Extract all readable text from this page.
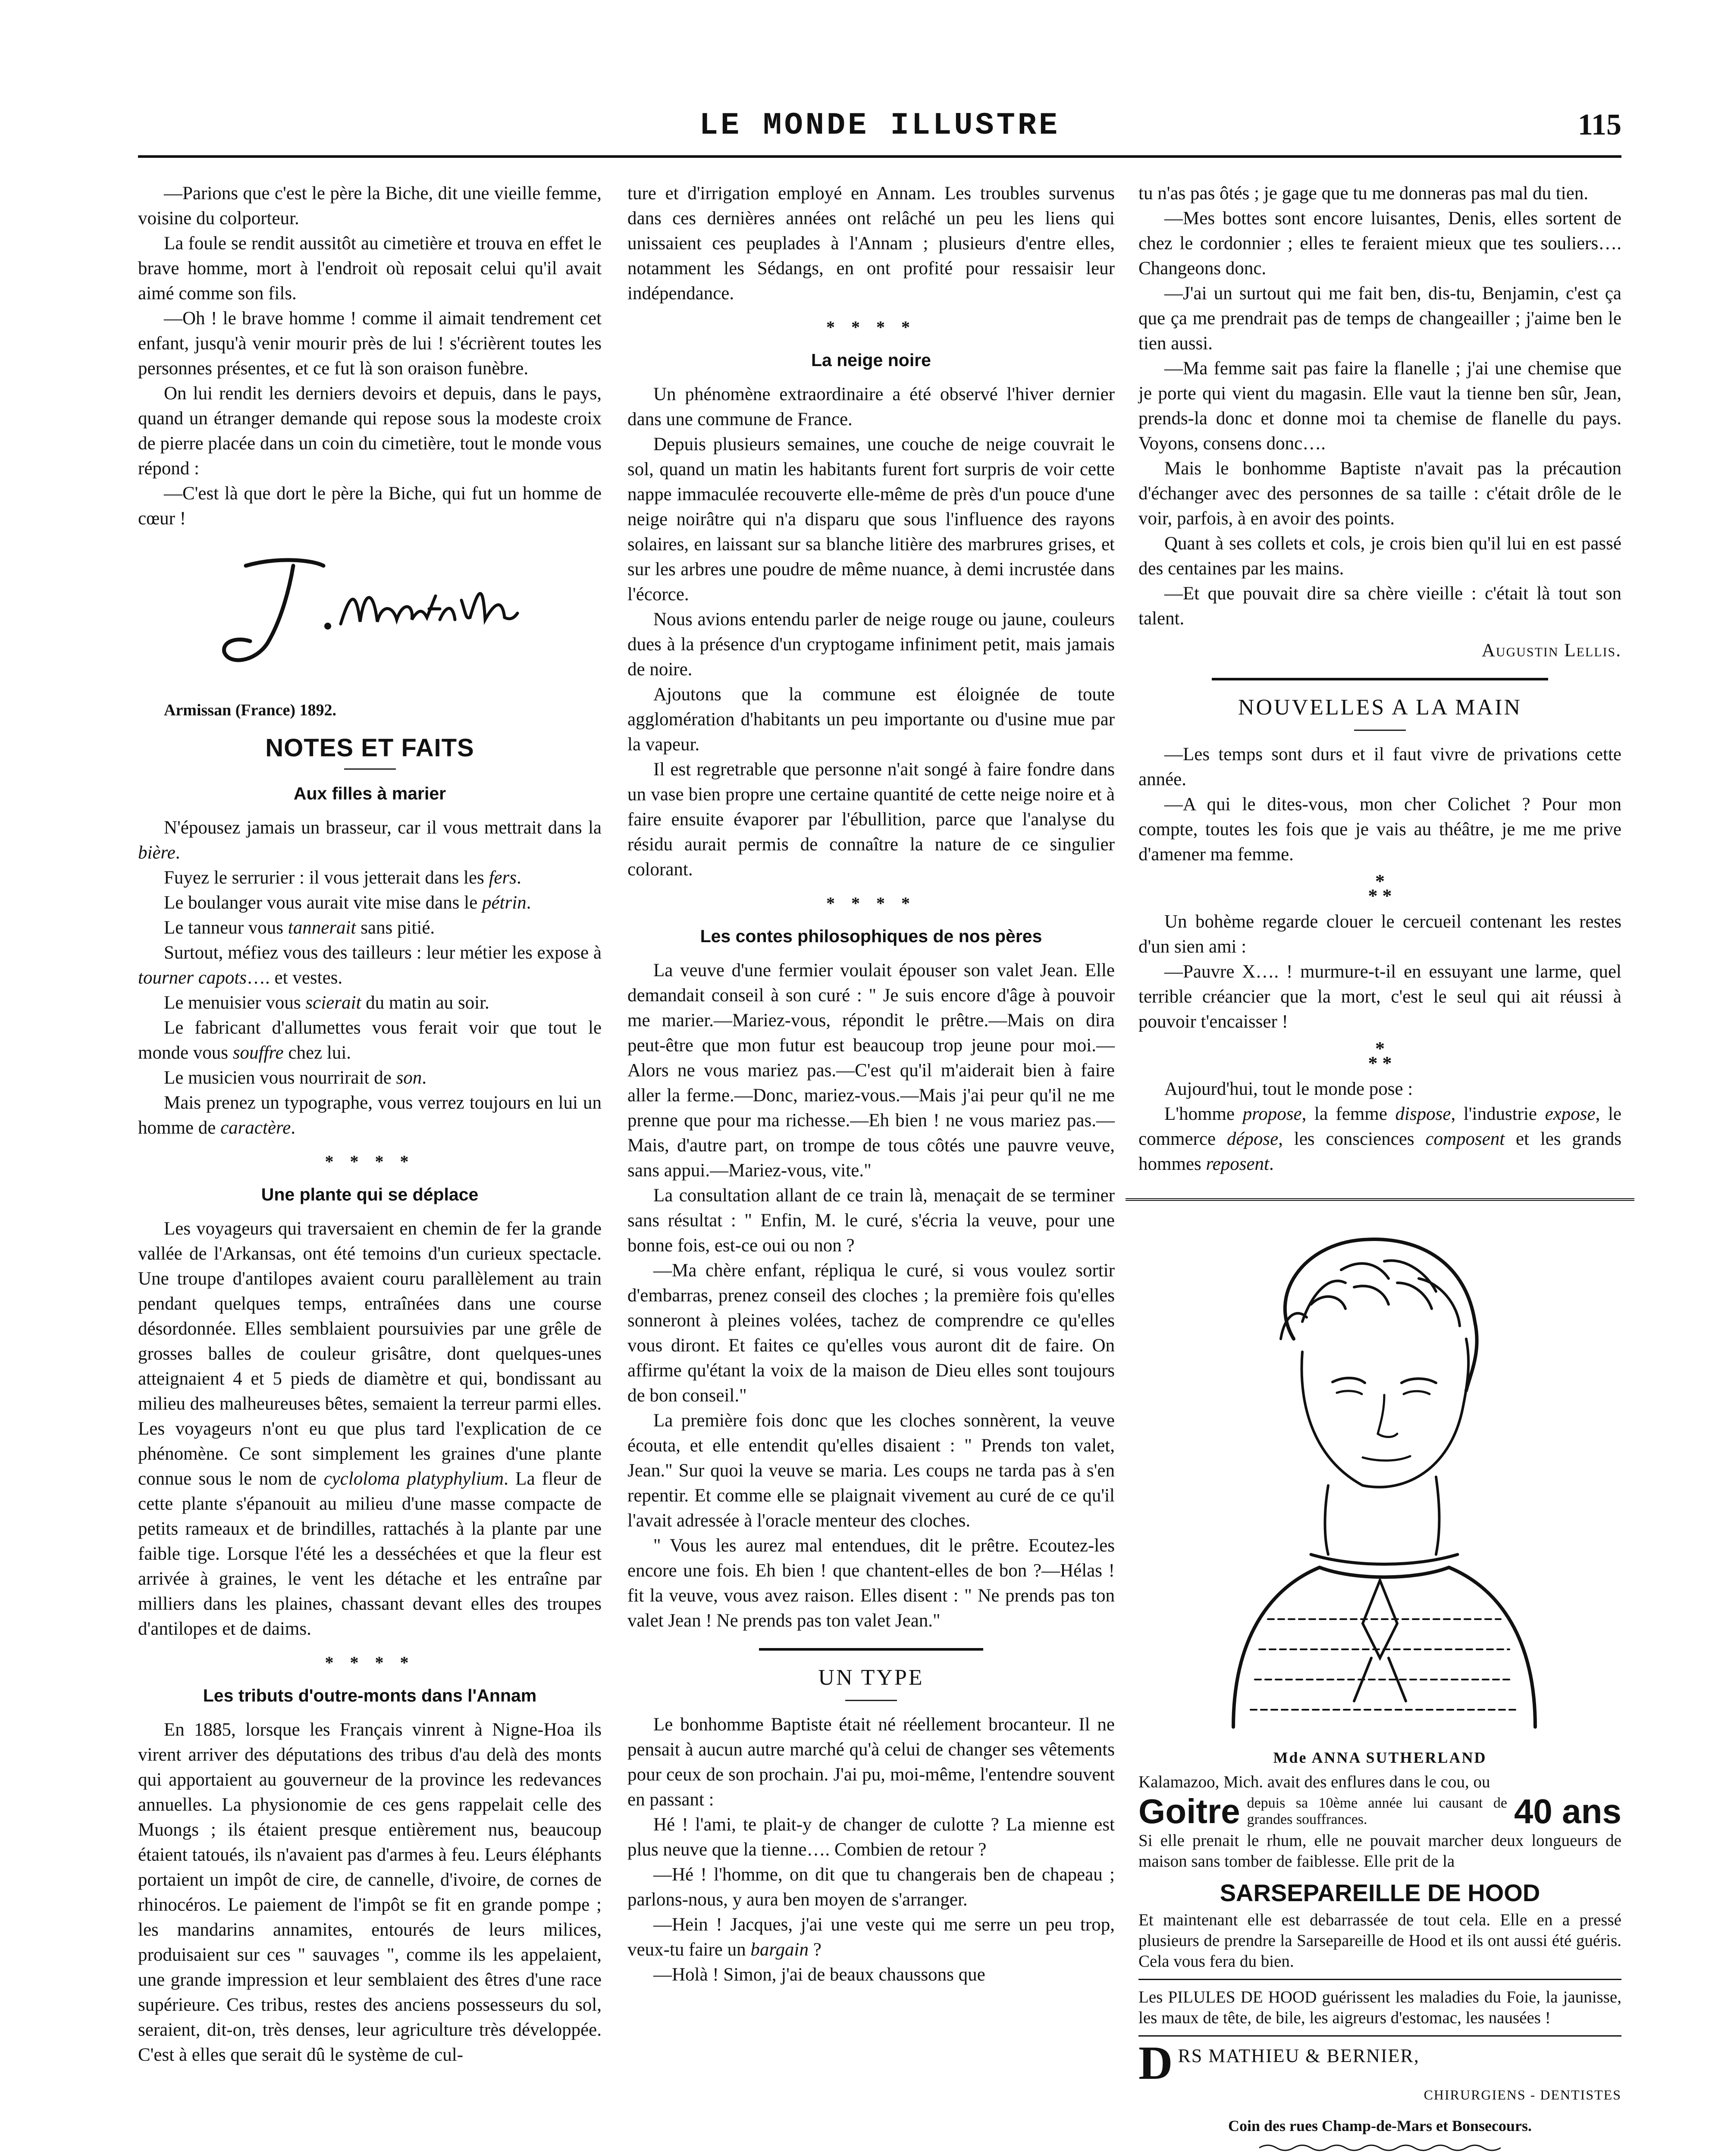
LE MONDE ILLUSTRE	115

—Parions que c'est le père la Biche, dit une vieille femme, voisine du colporteur.

La foule se rendit aussitôt au cimetière et trouva en effet le brave homme, mort à l'endroit où reposait celui qu'il avait aimé comme son fils.

—Oh ! le brave homme ! comme il aimait tendrement cet enfant, jusqu'à venir mourir près de lui ! s'écrièrent toutes les personnes présentes, et ce fut là son oraison funèbre.

On lui rendit les derniers devoirs et depuis, dans le pays, quand un étranger demande qui repose sous la modeste croix de pierre placée dans un coin du cimetière, tout le monde vous répond :

—C'est là que dort le père la Biche, qui fut un homme de cœur !

Armissan (France) 1892.

NOTES ET FAITS
Aux filles à marier

N'épousez jamais un brasseur, car il vous mettrait dans la bière.

Fuyez le serrurier : il vous jetterait dans les fers.

Le boulanger vous aurait vite mise dans le pétrin.

Le tanneur vous tannerait sans pitié.

Surtout, méfiez vous des tailleurs : leur métier les expose à tourner capots…. et vestes.

Le menuisier vous scierait du matin au soir.

Le fabricant d'allumettes vous ferait voir que tout le monde vous souffre chez lui.

Le musicien vous nourrirait de son.

Mais prenez un typographe, vous verrez toujours en lui un homme de caractère.

* * * *
Une plante qui se déplace

Les voyageurs qui traversaient en chemin de fer la grande vallée de l'Arkansas, ont été temoins d'un curieux spectacle. Une troupe d'antilopes avaient couru parallèlement au train pendant quelques temps, entraînées dans une course désordonnée. Elles semblaient poursuivies par une grêle de grosses balles de couleur grisâtre, dont quelques-unes atteignaient 4 et 5 pieds de diamètre et qui, bondissant au milieu des malheureuses bêtes, semaient la terreur parmi elles. Les voyageurs n'ont eu que plus tard l'explication de ce phénomène. Ce sont simplement les graines d'une plante connue sous le nom de cycloloma platyphylium. La fleur de cette plante s'épanouit au milieu d'une masse compacte de petits rameaux et de brindilles, rattachés à la plante par une faible tige. Lorsque l'été les a desséchées et que la fleur est arrivée à graines, le vent les détache et les entraîne par milliers dans les plaines, chassant devant elles des troupes d'antilopes et de daims.

* * * *
Les tributs d'outre-monts dans l'Annam

En 1885, lorsque les Français vinrent à Nigne-Hoa ils virent arriver des députations des tribus d'au delà des monts qui apportaient au gouverneur de la province les redevances annuelles. La physionomie de ces gens rappelait celle des Muongs ; ils étaient presque entièrement nus, beaucoup étaient tatoués, ils n'avaient pas d'armes à feu. Leurs éléphants portaient un impôt de cire, de cannelle, d'ivoire, de cornes de rhinocéros. Le paiement de l'impôt se fit en grande pompe ; les mandarins annamites, entourés de leurs milices, produisaient sur ces " sauvages ", comme ils les appelaient, une grande impression et leur semblaient des êtres d'une race supérieure. Ces tribus, restes des anciens possesseurs du sol, seraient, dit-on, très denses, leur agriculture très développée. C'est à elles que serait dû le système de cul-

ture et d'irrigation employé en Annam. Les troubles survenus dans ces dernières années ont relâché un peu les liens qui unissaient ces peuplades à l'Annam ; plusieurs d'entre elles, notamment les Sédangs, en ont profité pour ressaisir leur indépendance.

* * * *
La neige noire

Un phénomène extraordinaire a été observé l'hiver dernier dans une commune de France.

Depuis plusieurs semaines, une couche de neige couvrait le sol, quand un matin les habitants furent fort surpris de voir cette nappe immaculée recouverte elle-même de près d'un pouce d'une neige noirâtre qui n'a disparu que sous l'influence des rayons solaires, en laissant sur sa blanche litière des marbrures grises, et sur les arbres une poudre de même nuance, à demi incrustée dans l'écorce.

Nous avions entendu parler de neige rouge ou jaune, couleurs dues à la présence d'un cryptogame infiniment petit, mais jamais de noire.

Ajoutons que la commune est éloignée de toute agglomération d'habitants un peu importante ou d'usine mue par la vapeur.

Il est regretrable que personne n'ait songé à faire fondre dans un vase bien propre une certaine quantité de cette neige noire et à faire ensuite évaporer par l'ébullition, parce que l'analyse du résidu aurait permis de connaître la nature de ce singulier colorant.

* * * *
Les contes philosophiques de nos pères

La veuve d'une fermier voulait épouser son valet Jean. Elle demandait conseil à son curé : " Je suis encore d'âge à pouvoir me marier.—Mariez-vous, répondit le prêtre.—Mais on dira peut-être que mon futur est beaucoup trop jeune pour moi.—Alors ne vous mariez pas.—C'est qu'il m'aiderait bien à faire aller la ferme.—Donc, mariez-vous.—Mais j'ai peur qu'il ne me prenne que pour ma richesse.—Eh bien ! ne vous mariez pas.—Mais, d'autre part, on trompe de tous côtés une pauvre veuve, sans appui.—Mariez-vous, vite."

La consultation allant de ce train là, menaçait de se terminer sans résultat : " Enfin, M. le curé, s'écria la veuve, pour une bonne fois, est-ce oui ou non ?

—Ma chère enfant, répliqua le curé, si vous voulez sortir d'embarras, prenez conseil des cloches ; la première fois qu'elles sonneront à pleines volées, tachez de comprendre ce qu'elles vous diront. Et faites ce qu'elles vous auront dit de faire. On affirme qu'étant la voix de la maison de Dieu elles sont toujours de bon conseil."

La première fois donc que les cloches sonnèrent, la veuve écouta, et elle entendit qu'elles disaient : " Prends ton valet, Jean." Sur quoi la veuve se maria. Les coups ne tarda pas à s'en repentir. Et comme elle se plaignait vivement au curé de ce qu'il l'avait adressée à l'oracle menteur des cloches.

" Vous les aurez mal entendues, dit le prêtre. Ecoutez-les encore une fois. Eh bien ! que chantent-elles de bon ?—Hélas ! fit la veuve, vous avez raison. Elles disent : " Ne prends pas ton valet Jean ! Ne prends pas ton valet Jean."

UN TYPE

Le bonhomme Baptiste était né réellement brocanteur. Il ne pensait à aucun autre marché qu'à celui de changer ses vêtements pour ceux de son prochain. J'ai pu, moi-même, l'entendre souvent en passant :

Hé ! l'ami, te plait-y de changer de culotte ? La mienne est plus neuve que la tienne…. Combien de retour ?

—Hé ! l'homme, on dit que tu changerais ben de chapeau ; parlons-nous, y aura ben moyen de s'arranger.

—Hein ! Jacques, j'ai une veste qui me serre un peu trop, veux-tu faire un bargain ?

—Holà ! Simon, j'ai de beaux chaussons que

tu n'as pas ôtés ; je gage que tu me donneras pas mal du tien.

—Mes bottes sont encore luisantes, Denis, elles sortent de chez le cordonnier ; elles te feraient mieux que tes souliers…. Changeons donc.

—J'ai un surtout qui me fait ben, dis-tu, Benjamin, c'est ça que ça me prendrait pas de temps de changeailler ; j'aime ben le tien aussi.

—Ma femme sait pas faire la flanelle ; j'ai une chemise que je porte qui vient du magasin. Elle vaut la tienne ben sûr, Jean, prends-la donc et donne moi ta chemise de flanelle du pays. Voyons, consens donc….

Mais le bonhomme Baptiste n'avait pas la précaution d'échanger avec des personnes de sa taille : c'était drôle de le voir, parfois, à en avoir des points.

Quant à ses collets et cols, je crois bien qu'il lui en est passé des centaines par les mains.

—Et que pouvait dire sa chère vieille : c'était là tout son talent.

Augustin Lellis.
NOUVELLES A LA MAIN

—Les temps sont durs et il faut vivre de privations cette année.

—A qui le dites-vous, mon cher Colichet ? Pour mon compte, toutes les fois que je vais au théâtre, je me me prive d'amener ma femme.

*
* *

Un bohème regarde clouer le cercueil contenant les restes d'un sien ami :

—Pauvre X…. ! murmure-t-il en essuyant une larme, quel terrible créancier que la mort, c'est le seul qui ait réussi à pouvoir t'encaisser !

*
* *

Aujourd'hui, tout le monde pose :

L'homme propose, la femme dispose, l'industrie expose, le commerce dépose, les consciences composent et les grands hommes reposent.

Mde ANNA SUTHERLAND
Kalamazoo, Mich. avait des enflures dans le cou, ou
Goitre depuis sa 10ème année lui causant de grandes souffrances.	40 ans
Si elle prenait le rhum, elle ne pouvait marcher deux longueurs de maison sans tomber de faiblesse. Elle prit de la
SARSEPAREILLE DE HOOD
Et maintenant elle est debarrassée de tout cela. Elle en a pressé plusieurs de prendre la Sarsepareille de Hood et ils ont aussi été guéris. Cela vous fera du bien.
Les PILULES DE HOOD guérissent les maladies du Foie, la jaunisse, les maux de tête, de bile, les aigreurs d'estomac, les nausées !
DRS MATHIEU & BERNIER,
CHIRURGIENS - DENTISTES
Coin des rues Champ-de-Mars et Bonsecours.
